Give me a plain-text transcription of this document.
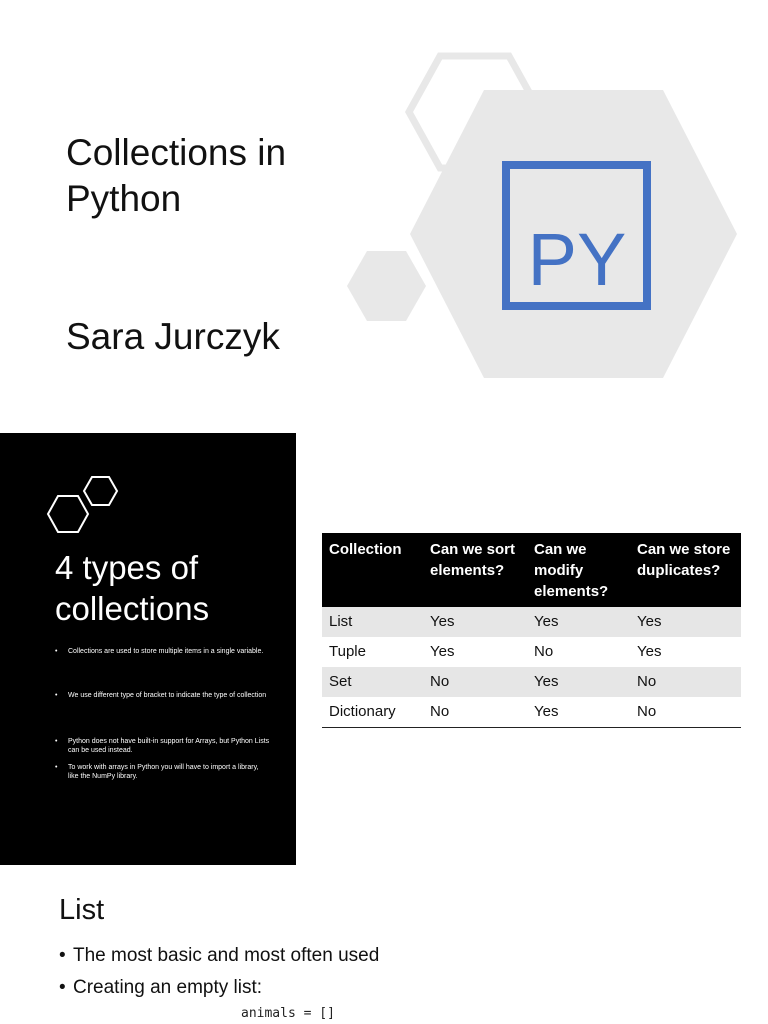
PY
Collections in
Python
Sara Jurczyk
4 types of
collections
• Collections are used to store multiple items in a single variable.
• We use different type of bracket to indicate the type of collection
• Python does not have built-in support for Arrays, but Python Lists can be used instead.
• To work with arrays in Python you will have to import a library, like the NumPy library.
Collection	Can we sort elements?	Can we modify elements?	Can we store duplicates?
List	Yes	Yes	Yes
Tuple	Yes	No	Yes
Set	No	Yes	No
Dictionary	No	Yes	No
List
• The most basic and most often used
• Creating an empty list:
animals = []
